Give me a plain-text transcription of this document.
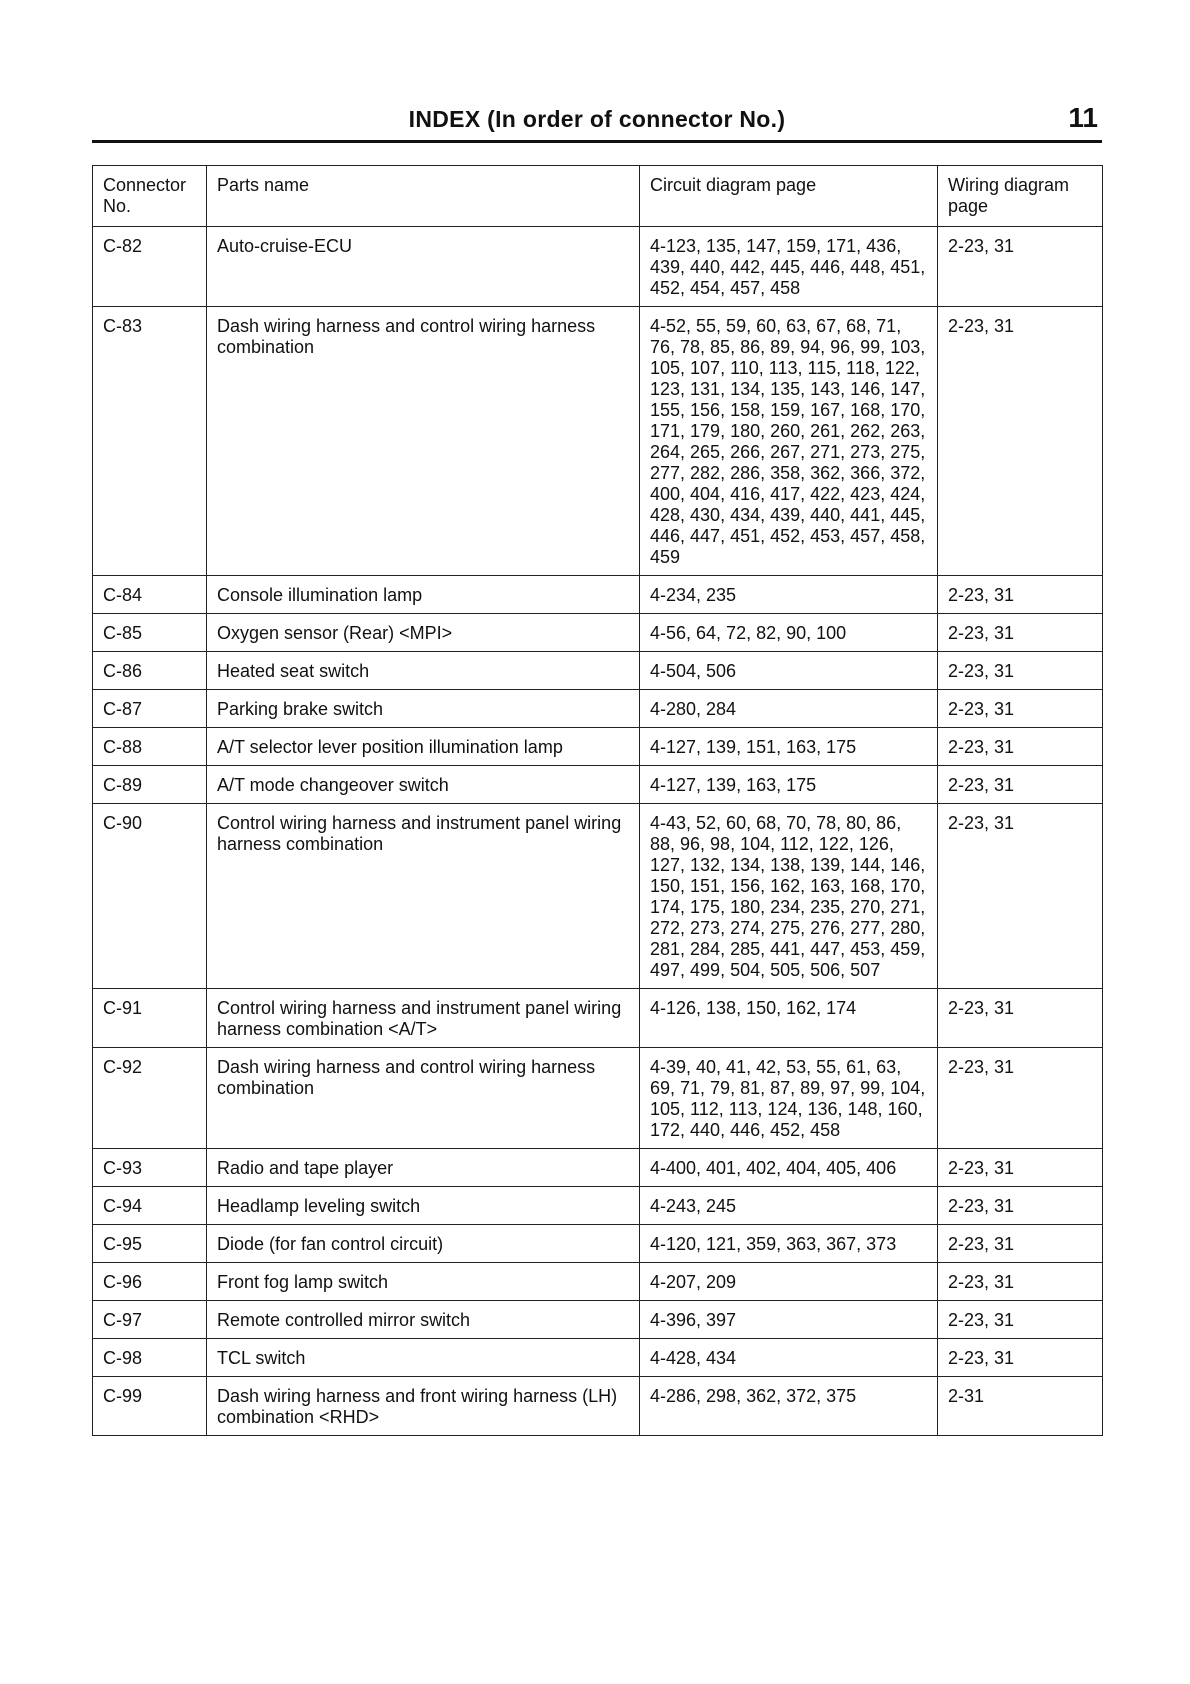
INDEX (In order of connector No.)	11
Connector No.	Parts name	Circuit diagram page	Wiring diagram page
C-82	Auto-cruise-ECU	4-123, 135, 147, 159, 171, 436, 439, 440, 442, 445, 446, 448, 451, 452, 454, 457, 458	2-23, 31
C-83	Dash wiring harness and control wiring harness combination	4-52, 55, 59, 60, 63, 67, 68, 71, 76, 78, 85, 86, 89, 94, 96, 99, 103, 105, 107, 110, 113, 115, 118, 122, 123, 131, 134, 135, 143, 146, 147, 155, 156, 158, 159, 167, 168, 170, 171, 179, 180, 260, 261, 262, 263, 264, 265, 266, 267, 271, 273, 275, 277, 282, 286, 358, 362, 366, 372, 400, 404, 416, 417, 422, 423, 424, 428, 430, 434, 439, 440, 441, 445, 446, 447, 451, 452, 453, 457, 458, 459	2-23, 31
C-84	Console illumination lamp	4-234, 235	2-23, 31
C-85	Oxygen sensor (Rear) <MPI>	4-56, 64, 72, 82, 90, 100	2-23, 31
C-86	Heated seat switch	4-504, 506	2-23, 31
C-87	Parking brake switch	4-280, 284	2-23, 31
C-88	A/T selector lever position illumination lamp	4-127, 139, 151, 163, 175	2-23, 31
C-89	A/T mode changeover switch	4-127, 139, 163, 175	2-23, 31
C-90	Control wiring harness and instrument panel wiring harness combination	4-43, 52, 60, 68, 70, 78, 80, 86, 88, 96, 98, 104, 112, 122, 126, 127, 132, 134, 138, 139, 144, 146, 150, 151, 156, 162, 163, 168, 170, 174, 175, 180, 234, 235, 270, 271, 272, 273, 274, 275, 276, 277, 280, 281, 284, 285, 441, 447, 453, 459, 497, 499, 504, 505, 506, 507	2-23, 31
C-91	Control wiring harness and instrument panel wiring harness combination <A/T>	4-126, 138, 150, 162, 174	2-23, 31
C-92	Dash wiring harness and control wiring harness combination	4-39, 40, 41, 42, 53, 55, 61, 63, 69, 71, 79, 81, 87, 89, 97, 99, 104, 105, 112, 113, 124, 136, 148, 160, 172, 440, 446, 452, 458	2-23, 31
C-93	Radio and tape player	4-400, 401, 402, 404, 405, 406	2-23, 31
C-94	Headlamp leveling switch	4-243, 245	2-23, 31
C-95	Diode (for fan control circuit)	4-120, 121, 359, 363, 367, 373	2-23, 31
C-96	Front fog lamp switch	4-207, 209	2-23, 31
C-97	Remote controlled mirror switch	4-396, 397	2-23, 31
C-98	TCL switch	4-428, 434	2-23, 31
C-99	Dash wiring harness and front wiring harness (LH) combination <RHD>	4-286, 298, 362, 372, 375	2-31
